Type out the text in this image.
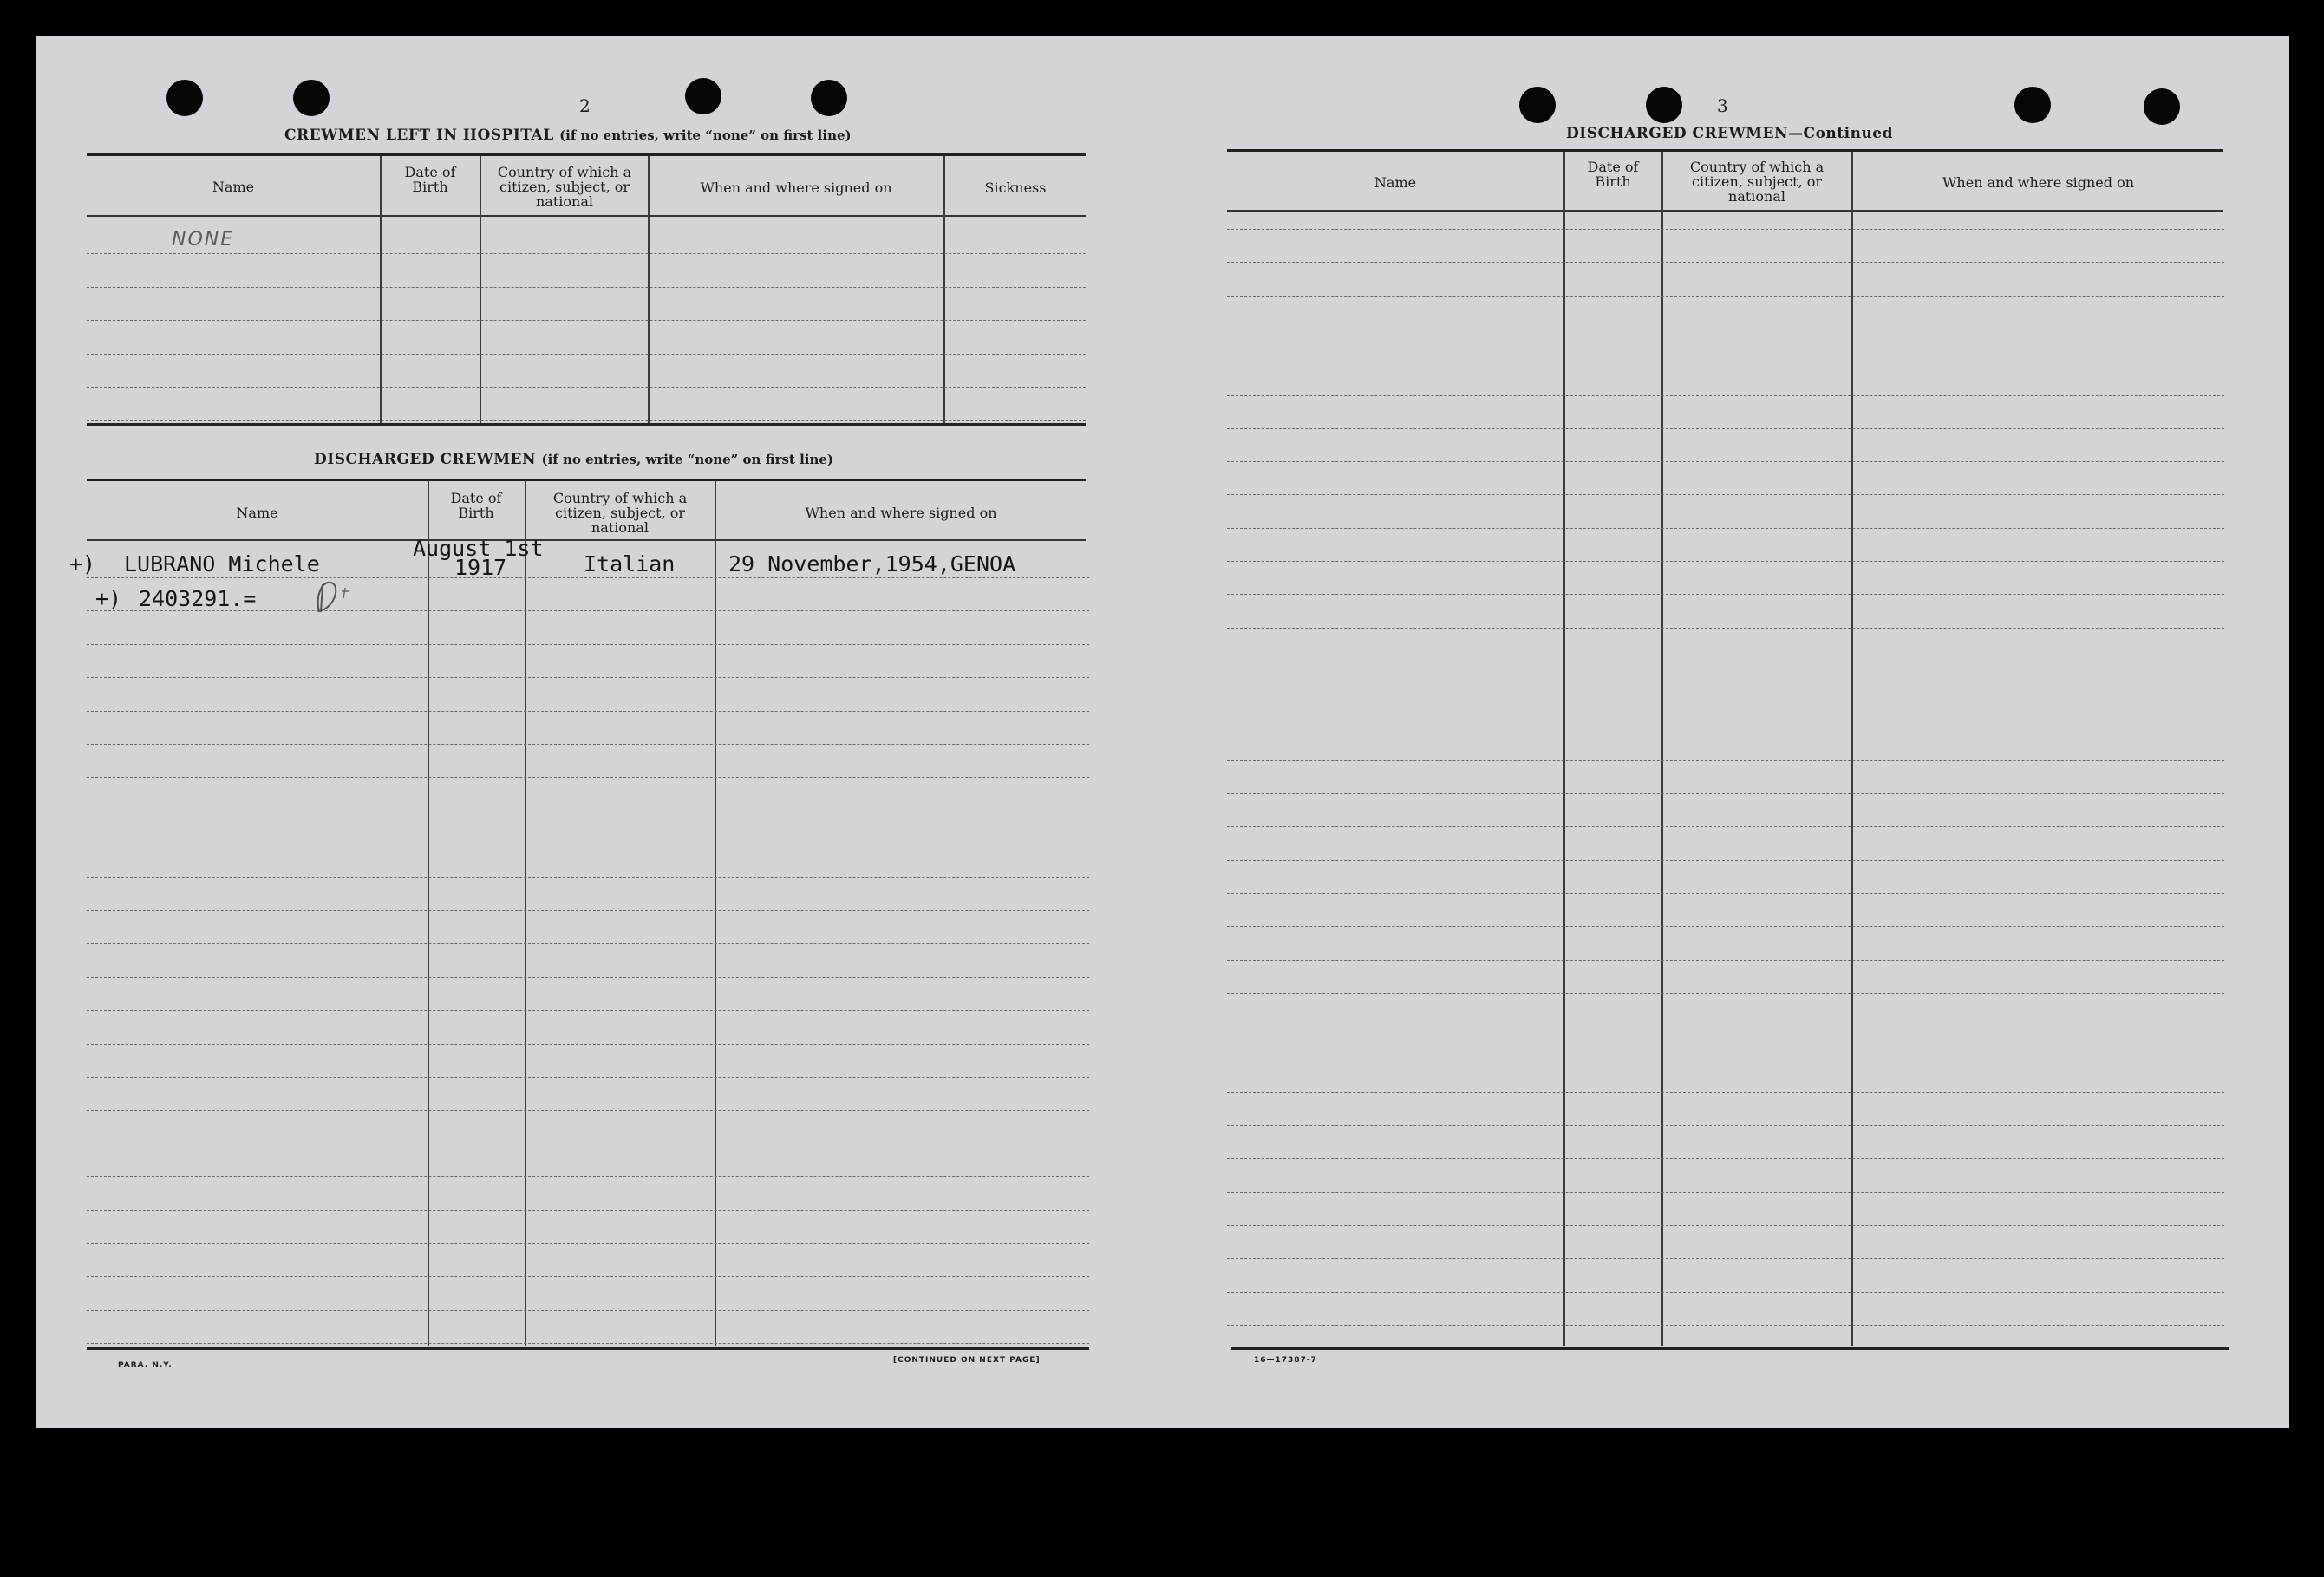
2
CREWMEN LEFT IN HOSPITAL (if no entries, write “none” on first line)
Name
Date of Birth
Country of which a citizen, subject, or national
When and where signed on	Sickness
NONE
DISCHARGED CREWMEN (if no entries, write “none” on first line)
Name
Date of Birth
Country of which a citizen, subject, or national
When and where signed on
+) LUBRANO Michele
August 1st
1917	Italian 29 November,1954,GENOA
+) 2403291.=
PARA. N.Y.
[CONTINUED ON NEXT PAGE]
3
DISCHARGED CREWMEN—Continued
Name
Date of Birth
Country of which a citizen, subject, or national
When and where signed on
16—17387-7
